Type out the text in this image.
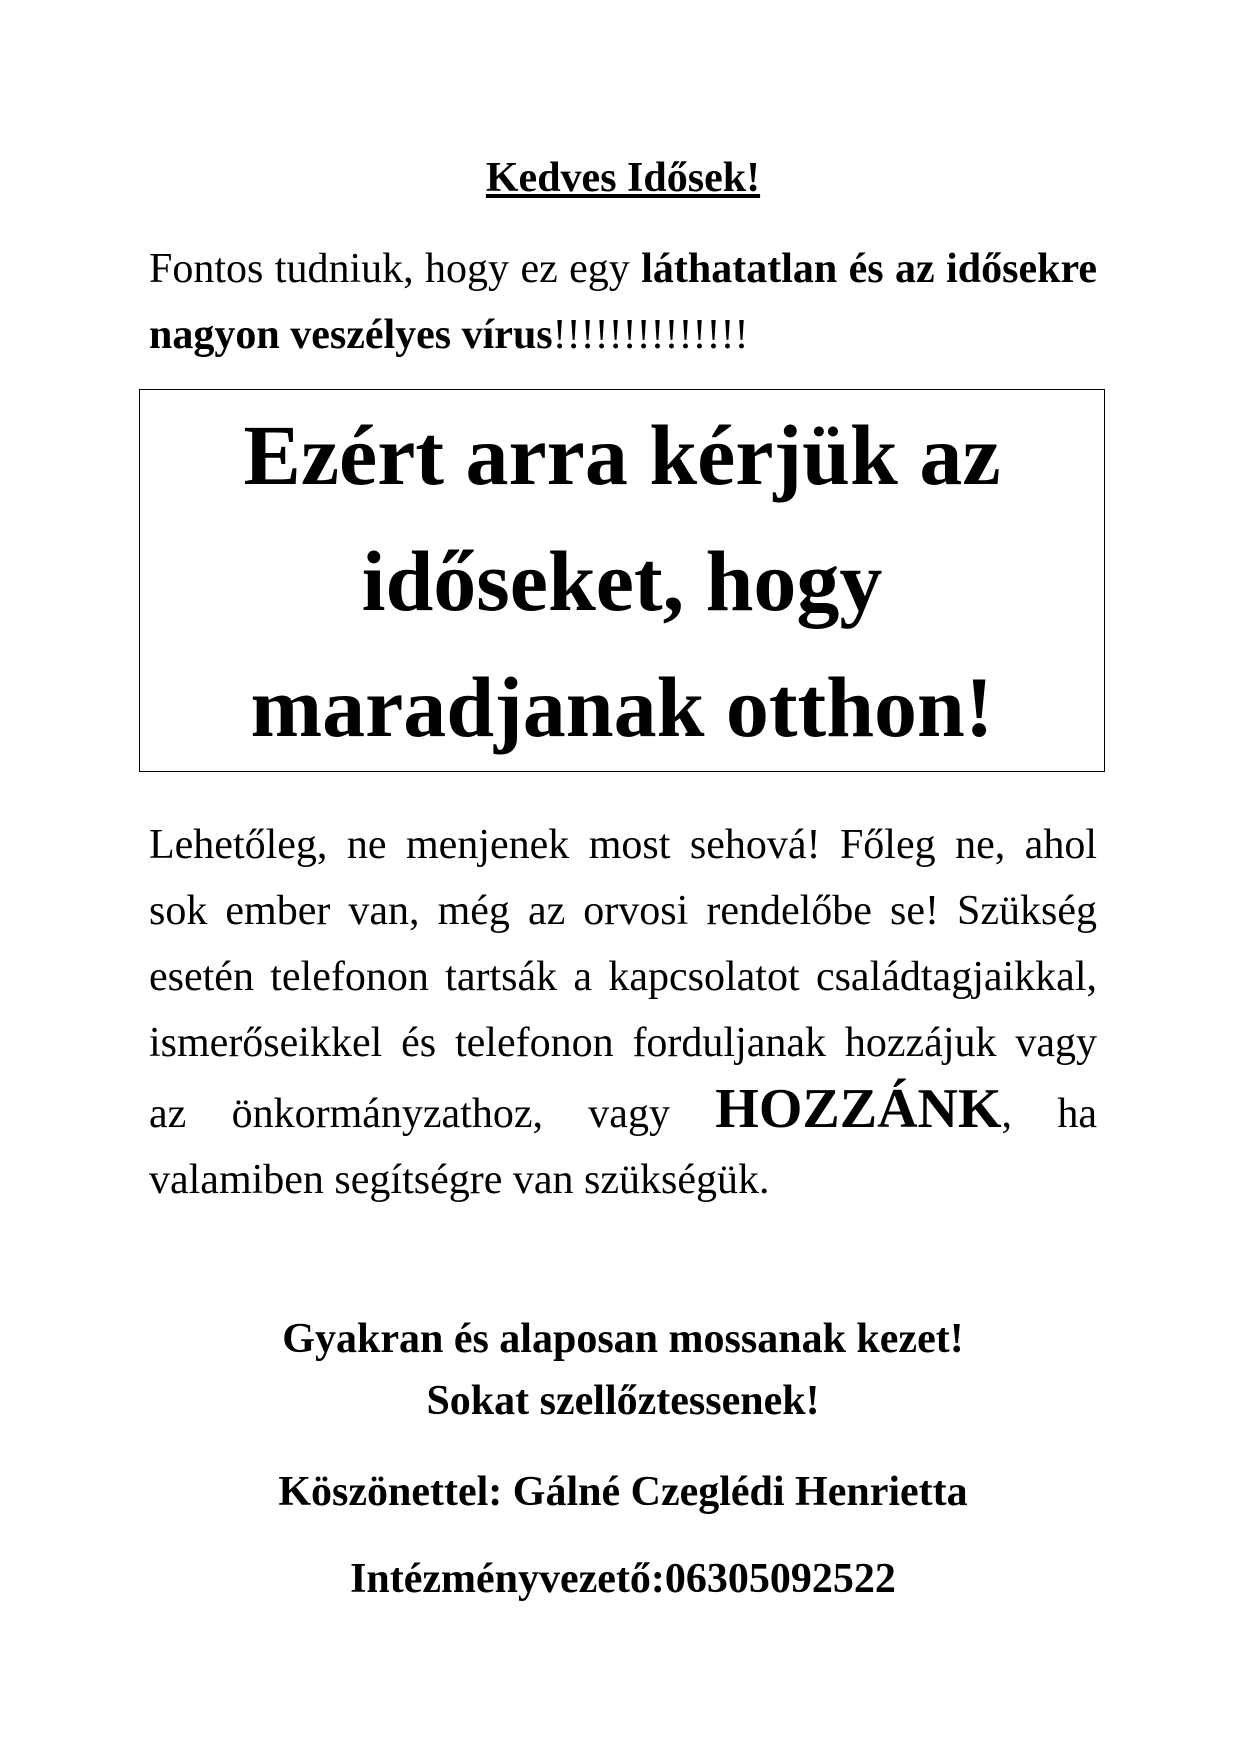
Kedves Idősek!

Fontos tudniuk, hogy ez egy láthatatlan és az idősekre nagyon veszélyes vírus!!!!!!!!!!!!!!

Ezért arra kérjük az
időseket, hogy
maradjanak otthon!

Lehetőleg, ne menjenek most sehová! Főleg ne, ahol sok ember van, még az orvosi rendelőbe se! Szükség esetén telefonon tartsák a kapcsolatot családtagjaikkal, ismerőseikkel és telefonon forduljanak hozzájuk vagy az önkormányzathoz, vagy HOZZÁNK, ha valamiben segítségre van szükségük.

Gyakran és alaposan mossanak kezet!
Sokat szellőztessenek!
Köszönettel: Gálné Czeglédi Henrietta
Intézményvezető:06305092522
